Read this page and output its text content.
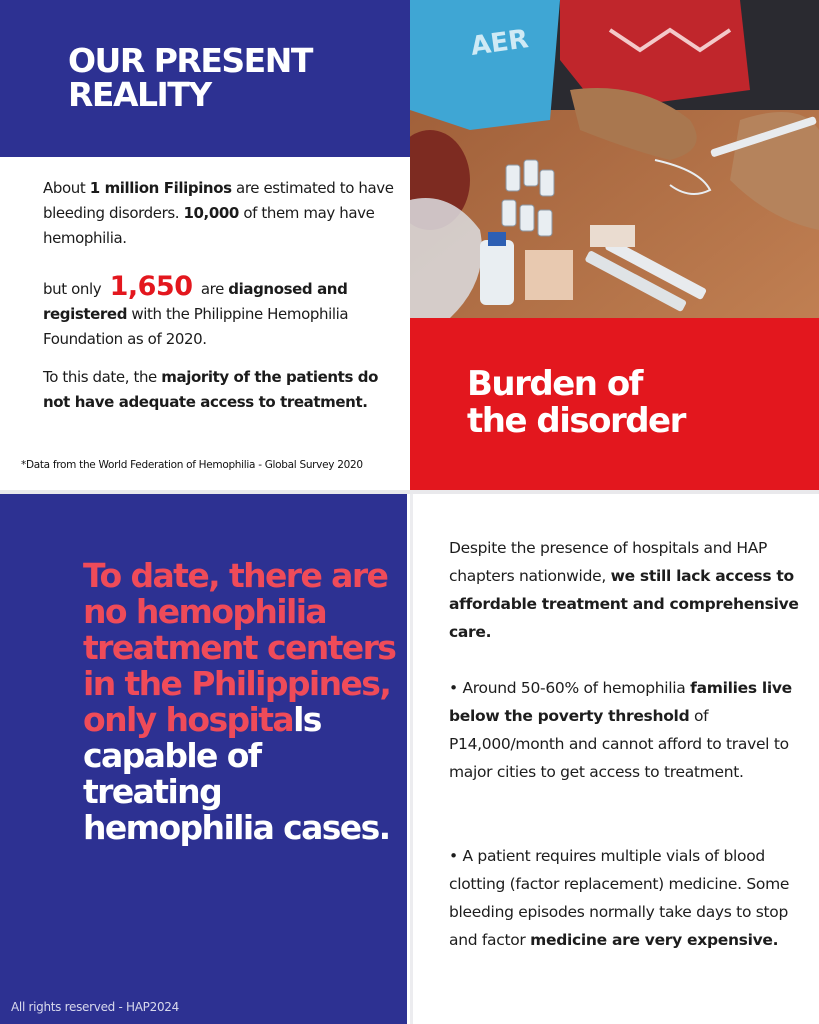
OUR PRESENT
REALITY

About 1 million Filipinos are estimated to have bleeding disorders. 10,000 of them may have hemophilia.

but only 1,650 are diagnosed and registered with the Philippine Hemophilia Foundation as of 2020.

To this date, the majority of the patients do not have adequate access to treatment.

*Data from the World Federation of Hemophilia - Global Survey 2020
AER
Burden of
the disorder

To date, there are no hemophilia treatment centers in the Philippines, only hospitals capable of treating hemophilia cases.

All rights reserved - HAP2024

Despite the presence of hospitals and HAP chapters nationwide, we still lack access to affordable treatment and comprehensive care.

• Around 50-60% of hemophilia families live below the poverty threshold of P14,000/month and cannot afford to travel to major cities to get access to treatment.

• A patient requires multiple vials of blood clotting (factor replacement) medicine. Some bleeding episodes normally take days to stop and factor medicine are very expensive.
